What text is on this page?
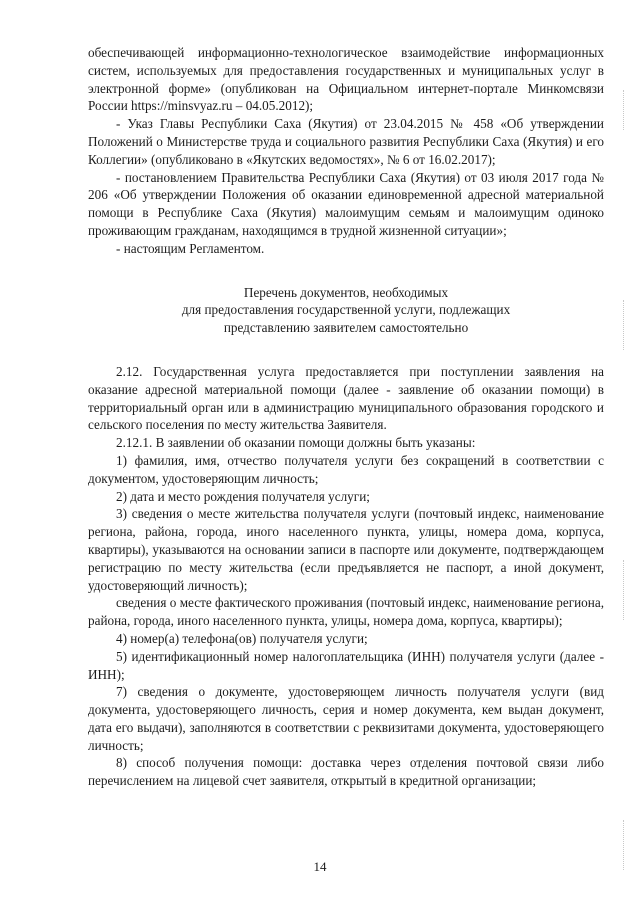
обеспечивающей информационно-технологическое взаимодействие информационных систем, используемых для предоставления государственных и муниципальных услуг в электронной форме» (опубликован на Официальном интернет-портале Минкомсвязи России https://minsvyaz.ru – 04.05.2012);

- Указ Главы Республики Саха (Якутия) от 23.04.2015 № 458 «Об утверждении Положений о Министерстве труда и социального развития Республики Саха (Якутия) и его Коллегии» (опубликовано в «Якутских ведомостях», № 6 от 16.02.2017);

- постановлением Правительства Республики Саха (Якутия) от 03 июля 2017 года № 206 «Об утверждении Положения об оказании единовременной адресной материальной помощи в Республике Саха (Якутия) малоимущим семьям и малоимущим одиноко проживающим гражданам, находящимся в трудной жизненной ситуации»;

- настоящим Регламентом.

Перечень документов, необходимых

для предоставления государственной услуги, подлежащих

представлению заявителем самостоятельно

2.12. Государственная услуга предоставляется при поступлении заявления на оказание адресной материальной помощи (далее - заявление об оказании помощи) в территориальный орган или в администрацию муниципального образования городского и сельского поселения по месту жительства Заявителя.

2.12.1. В заявлении об оказании помощи должны быть указаны:

1) фамилия, имя, отчество получателя услуги без сокращений в соответствии с документом, удостоверяющим личность;

2) дата и место рождения получателя услуги;

3) сведения о месте жительства получателя услуги (почтовый индекс, наименование региона, района, города, иного населенного пункта, улицы, номера дома, корпуса, квартиры), указываются на основании записи в паспорте или документе, подтверждающем регистрацию по месту жительства (если предъявляется не паспорт, а иной документ, удостоверяющий личность);

сведения о месте фактического проживания (почтовый индекс, наименование региона, района, города, иного населенного пункта, улицы, номера дома, корпуса, квартиры);

4) номер(а) телефона(ов) получателя услуги;

5) идентификационный номер налогоплательщика (ИНН) получателя услуги (далее - ИНН);

7) сведения о документе, удостоверяющем личность получателя услуги (вид документа, удостоверяющего личность, серия и номер документа, кем выдан документ, дата его выдачи), заполняются в соответствии с реквизитами документа, удостоверяющего личность;

8) способ получения помощи: доставка через отделения почтовой связи либо перечислением на лицевой счет заявителя, открытый в кредитной организации;

14
